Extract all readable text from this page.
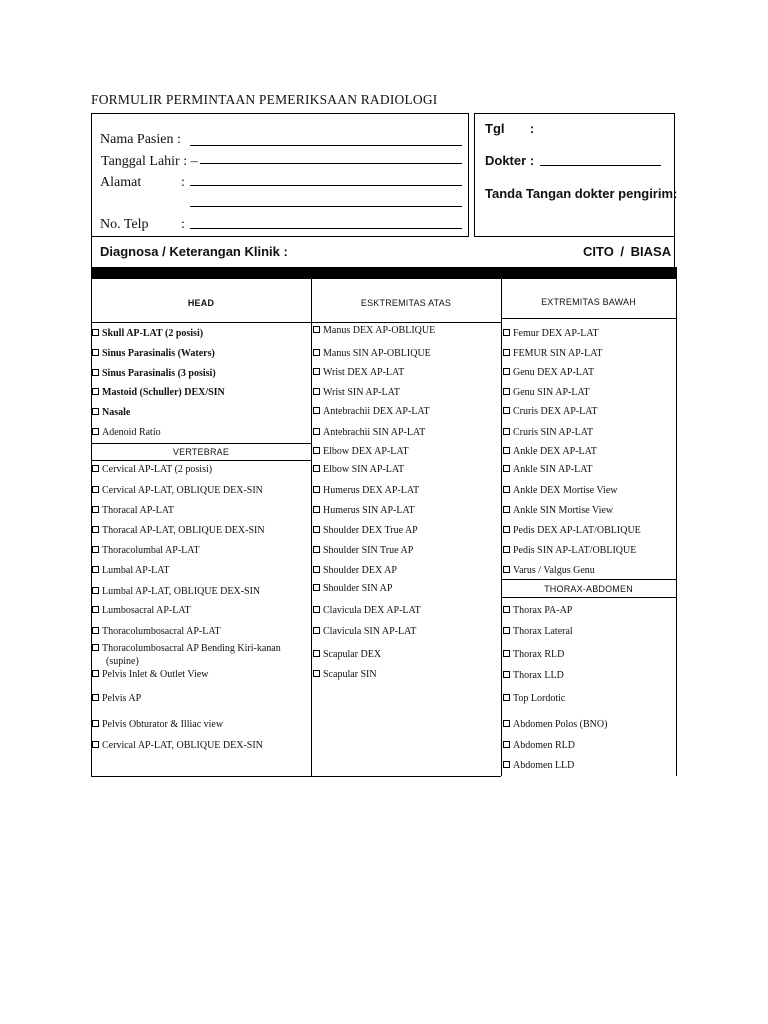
FORMULIR PERMINTAAN PEMERIKSAAN RADIOLOGI
Nama Pasien :
Tanggal Lahir : –
Alamat	:
No. Telp :
Tgl       :
Dokter :
Tanda Tangan dokter pengirim:
Diagnosa / Keterangan Klinik :	CITO / BIASA
HEAD	ESKTREMITAS ATAS	EXTREMITAS BAWAH
VERTEBRAE
THORAX-ABDOMEN
Skull AP-LAT (2 posisi)
Sinus Parasinalis (Waters)
Sinus Parasinalis (3 posisi)
Mastoid (Schuller) DEX/SIN
Nasale
Adenoid Ratio
Cervical AP-LAT (2 posisi)
Cervical AP-LAT, OBLIQUE DEX-SIN
Thoracal AP-LAT
Thoracal AP-LAT, OBLIQUE DEX-SIN
Thoracolumbal AP-LAT
Lumbal AP-LAT
Lumbal AP-LAT, OBLIQUE DEX-SIN
Lumbosacral AP-LAT
Thoracolumbosacral AP-LAT
Thoracolumbosacral AP Bending Kiri-kanan
(supine)
Pelvis Inlet & Outlet View
Pelvis AP
Pelvis Obturator & Illiac view
Cervical AP-LAT, OBLIQUE DEX-SIN
Manus DEX AP-OBLIQUE
Manus SIN AP-OBLIQUE
Wrist DEX AP-LAT
Wrist SIN AP-LAT
Antebrachii DEX AP-LAT
Antebrachii SIN AP-LAT
Elbow DEX AP-LAT
Elbow SIN AP-LAT
Humerus DEX AP-LAT
Humerus SIN AP-LAT
Shoulder DEX True AP
Shoulder SIN True AP
Shoulder DEX AP
Shoulder SIN AP
Clavicula DEX AP-LAT
Clavicula SIN AP-LAT
Scapular DEX
Scapular SIN
Femur DEX AP-LAT
FEMUR SIN AP-LAT
Genu DEX AP-LAT
Genu SIN AP-LAT
Cruris DEX AP-LAT
Cruris SIN AP-LAT
Ankle DEX AP-LAT
Ankle SIN AP-LAT
Ankle DEX Mortise View
Ankle SIN Mortise View
Pedis DEX AP-LAT/OBLIQUE
Pedis SIN AP-LAT/OBLIQUE
Varus / Valgus Genu
Thorax PA-AP
Thorax Lateral
Thorax RLD
Thorax LLD
Top Lordotic
Abdomen Polos (BNO)
Abdomen RLD
Abdomen LLD
